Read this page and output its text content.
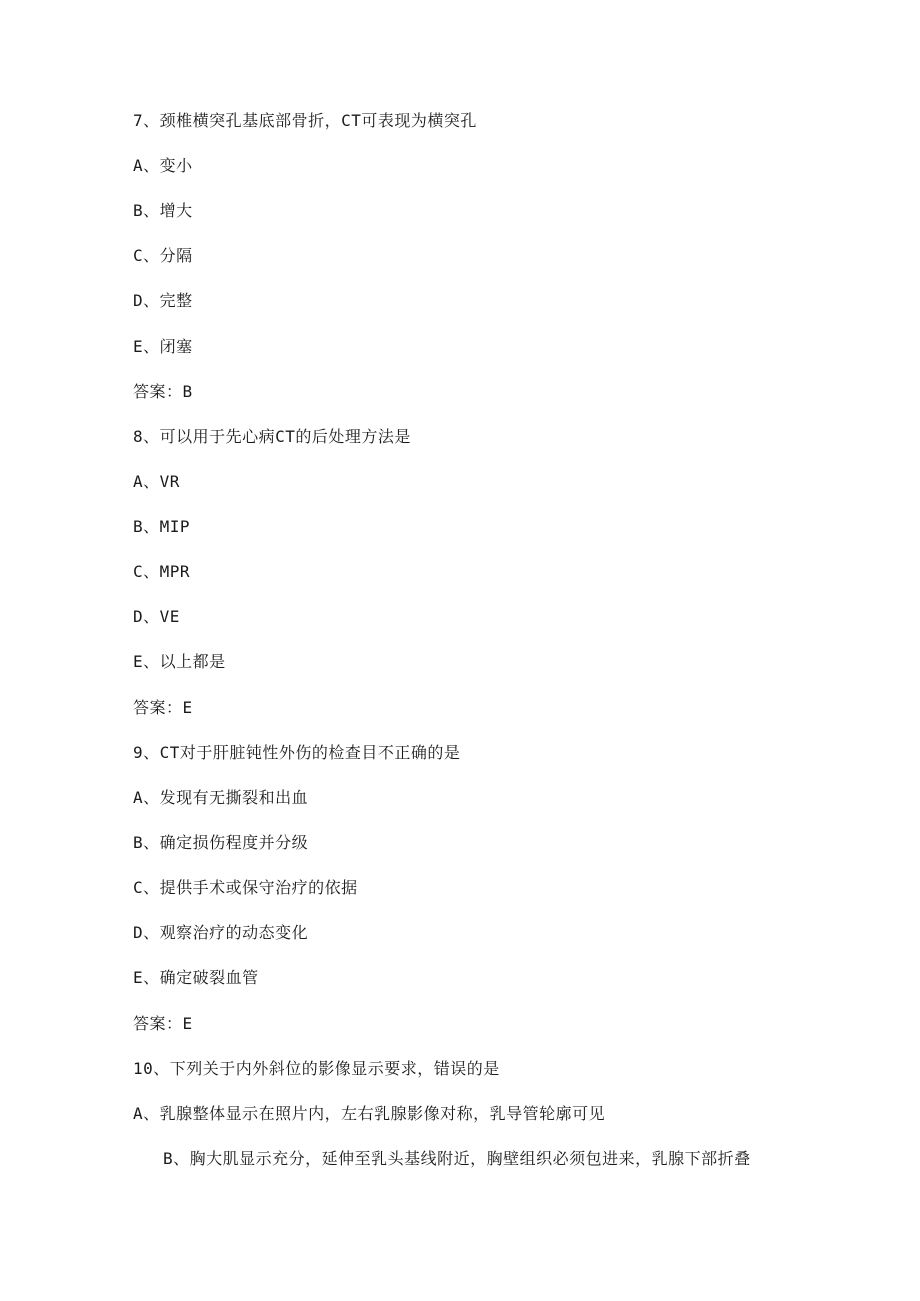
7、颈椎横突孔基底部骨折，CT可表现为横突孔
A、变小
B、增大
C、分隔
D、完整
E、闭塞
答案：B
8、可以用于先心病CT的后处理方法是
A、VR
B、MIP
C、MPR
D、VE
E、以上都是
答案：E
9、CT对于肝脏钝性外伤的检查目不正确的是
A、发现有无撕裂和出血
B、确定损伤程度并分级
C、提供手术或保守治疗的依据
D、观察治疗的动态变化
E、确定破裂血管
答案：E
10、下列关于内外斜位的影像显示要求，错误的是
A、乳腺整体显示在照片内，左右乳腺影像对称，乳导管轮廓可见
B、胸大肌显示充分，延伸至乳头基线附近，胸壁组织必须包进来，乳腺下部折叠
